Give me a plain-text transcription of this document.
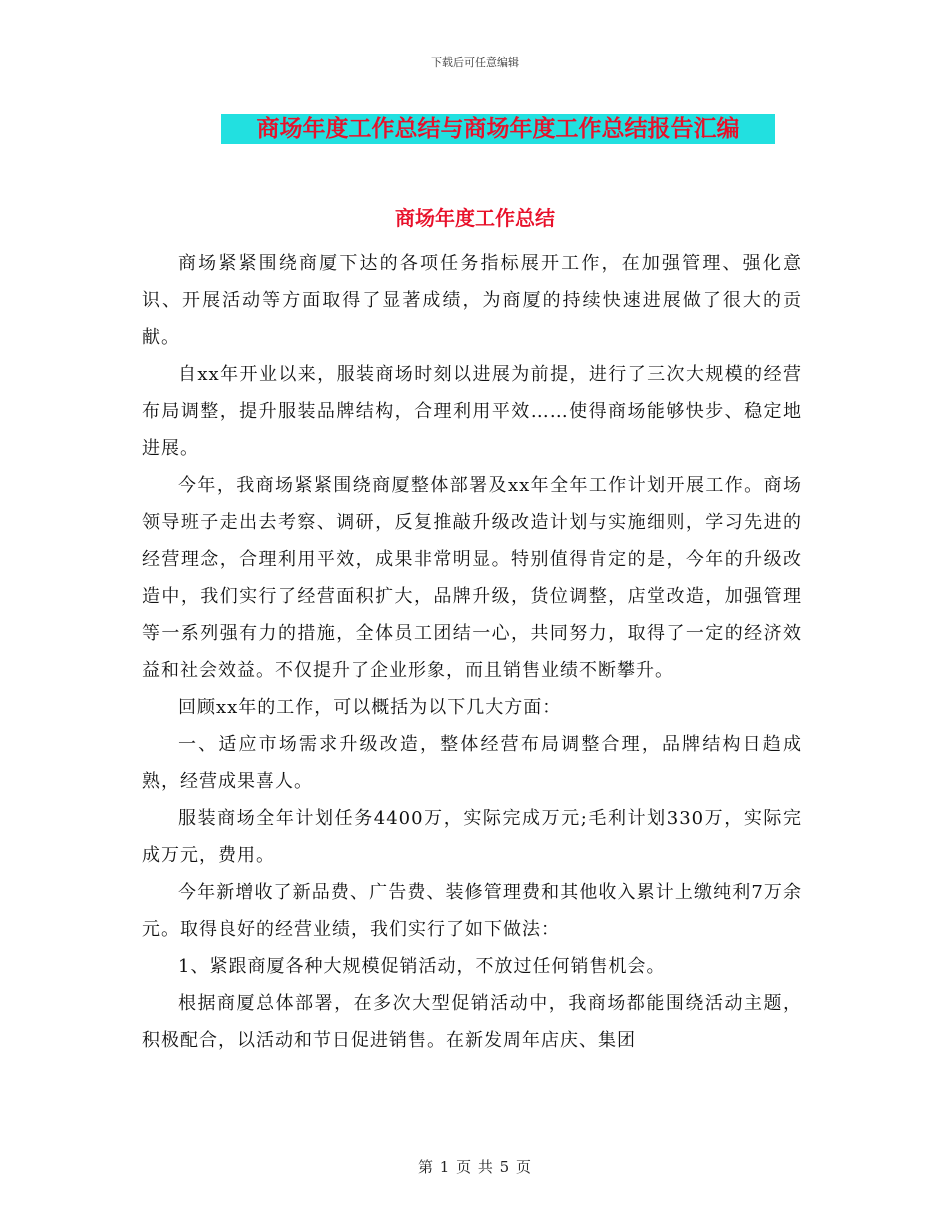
下载后可任意编辑
商场年度工作总结与商场年度工作总结报告汇编
商场年度工作总结

商场紧紧围绕商厦下达的各项任务指标展开工作，在加强管理、强化意识、开展活动等方面取得了显著成绩，为商厦的持续快速进展做了很大的贡献。

自xx年开业以来，服装商场时刻以进展为前提，进行了三次大规模的经营布局调整，提升服装品牌结构，合理利用平效……使得商场能够快步、稳定地进展。

今年，我商场紧紧围绕商厦整体部署及xx年全年工作计划开展工作。商场领导班子走出去考察、调研，反复推敲升级改造计划与实施细则，学习先进的经营理念，合理利用平效，成果非常明显。特别值得肯定的是，今年的升级改造中，我们实行了经营面积扩大，品牌升级，货位调整，店堂改造，加强管理等一系列强有力的措施，全体员工团结一心，共同努力，取得了一定的经济效益和社会效益。不仅提升了企业形象，而且销售业绩不断攀升。

回顾xx年的工作，可以概括为以下几大方面：

一、适应市场需求升级改造，整体经营布局调整合理，品牌结构日趋成熟，经营成果喜人。

服装商场全年计划任务4400万，实际完成万元;毛利计划330万，实际完成万元，费用。

今年新增收了新品费、广告费、装修管理费和其他收入累计上缴纯利7万余元。取得良好的经营业绩，我们实行了如下做法：

1、紧跟商厦各种大规模促销活动，不放过任何销售机会。

根据商厦总体部署，在多次大型促销活动中，我商场都能围绕活动主题，积极配合，以活动和节日促进销售。在新发周年店庆、集团

第 1 页 共 5 页
